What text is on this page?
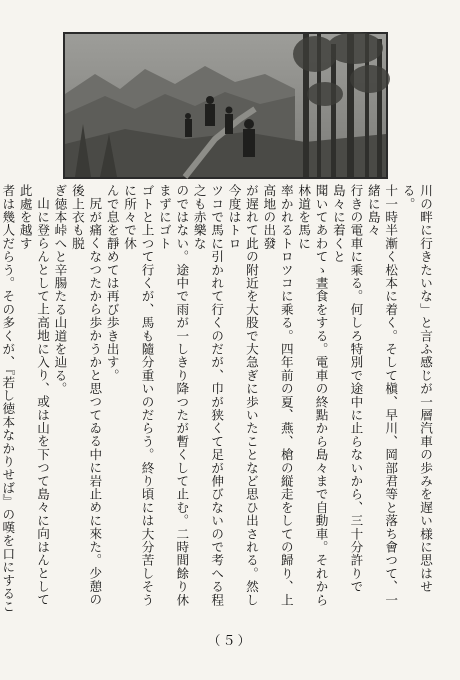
川の畔に行きたいな」と言ふ感じが一層汽車の歩みを遅い様に思はせる。

十一時半漸く松本に着く。そして槇、早川、岡部君等と落ち會つて、一緒に島々

行きの電車に乘る。何しろ特別で途中に止らないから、三十分許りで島々に着くと

聞いてあわてゝ晝食をする。電車の終點から島々まで自動車。それから林道を馬に

率かれるトロツコに乘る。四年前の夏、燕、槍の縦走をしての歸り、上高地の出發

が遅れて此の附近を大股で大急ぎに歩いたことなど思ひ出される。然し今度はトロ

ツコで馬に引かれて行くのだが、巾が狭くて足が伸びないので考へる程之も赤樂な

のではない。途中で雨が一しきり降つたが暫くして止む。二時間餘り休まずにゴト

ゴトと上つて行くが、馬も隨分重いのだらう。終り頃には大分苦しそうに所々で休

んで息を靜めては再び歩き出す。

尻が痛くなつたから歩かうかと思つてゐる中に岩止めに來た。少憩の後上衣も脱

ぎ徳本峠へと辛腸たる山道を辿る。

山に登らんとして上高地に入り、或は山を下つて島々に向はんとして此處を越す

者は幾人だらう。その多くが、『若し徳本なかりせば』の嘆を口にするこ

（５）
